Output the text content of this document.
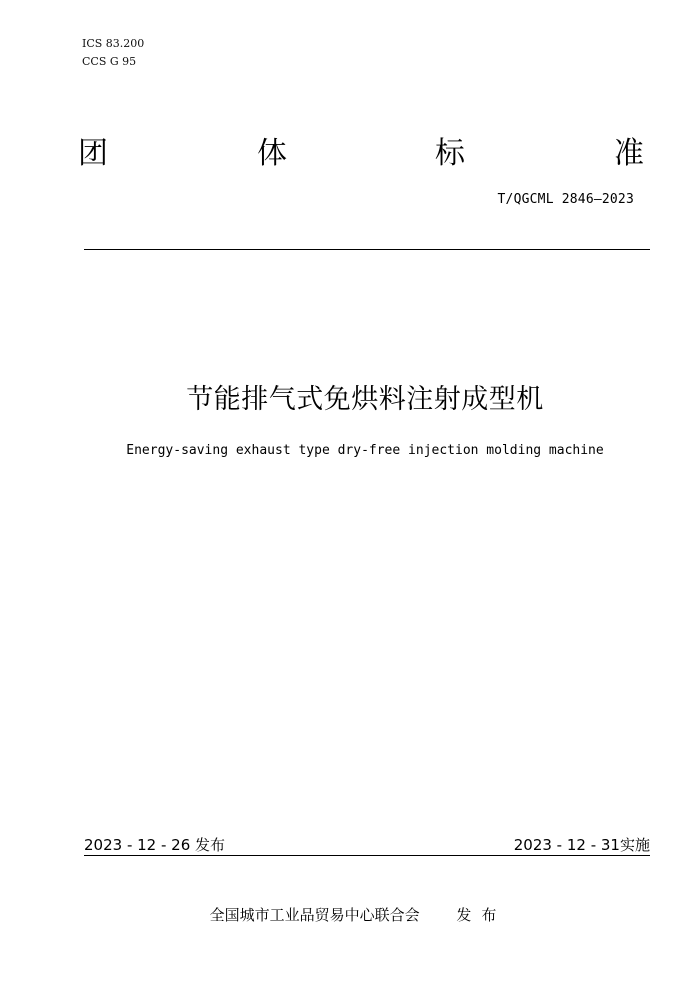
ICS 83.200
CCS G 95
团	体	标	准
T/QGCML 2846—2023
节能排气式免烘料注射成型机
Energy-saving exhaust type dry-free injection molding machine
2023 - 12 - 26 发布	2023 - 12 - 31实施
全国城市工业品贸易中心联合会 发布
